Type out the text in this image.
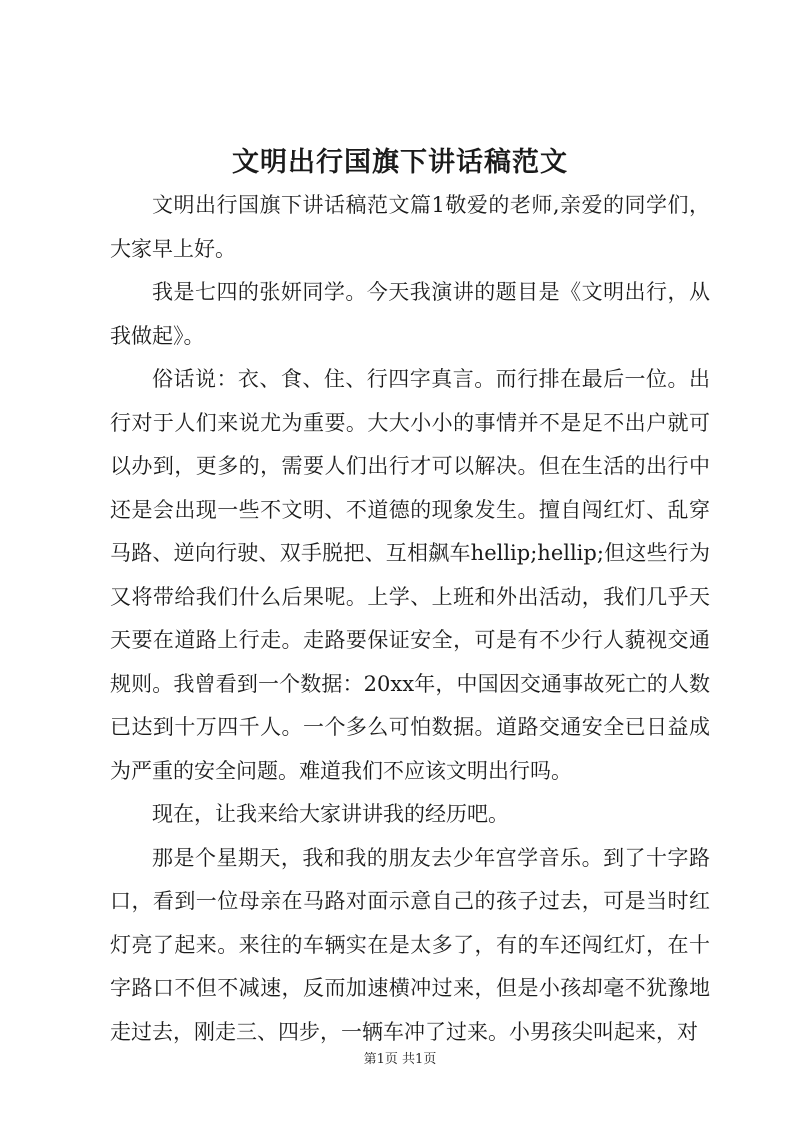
文明出行国旗下讲话稿范文

文明出行国旗下讲话稿范文篇1敬爱的老师,亲爱的同学们，大家早上好。

我是七四的张妍同学。今天我演讲的题目是《文明出行，从我做起》。

俗话说：衣、食、住、行四字真言。而行排在最后一位。出行对于人们来说尤为重要。大大小小的事情并不是足不出户就可以办到，更多的，需要人们出行才可以解决。但在生活的出行中还是会出现一些不文明、不道德的现象发生。擅自闯红灯、乱穿马路、逆向行驶、双手脱把、互相飙车hellip;hellip;但这些行为又将带给我们什么后果呢。上学、上班和外出活动，我们几乎天天要在道路上行走。走路要保证安全，可是有不少行人藐视交通规则。我曾看到一个数据：20xx年，中国因交通事故死亡的人数已达到十万四千人。一个多么可怕数据。道路交通安全已日益成为严重的安全问题。难道我们不应该文明出行吗。

现在，让我来给大家讲讲我的经历吧。

那是个星期天，我和我的朋友去少年宫学音乐。到了十字路口，看到一位母亲在马路对面示意自己的孩子过去，可是当时红灯亮了起来。来往的车辆实在是太多了，有的车还闯红灯，在十字路口不但不减速，反而加速横冲过来，但是小孩却毫不犹豫地走过去，刚走三、四步，一辆车冲了过来。小男孩尖叫起来，对

第1页 共1页
